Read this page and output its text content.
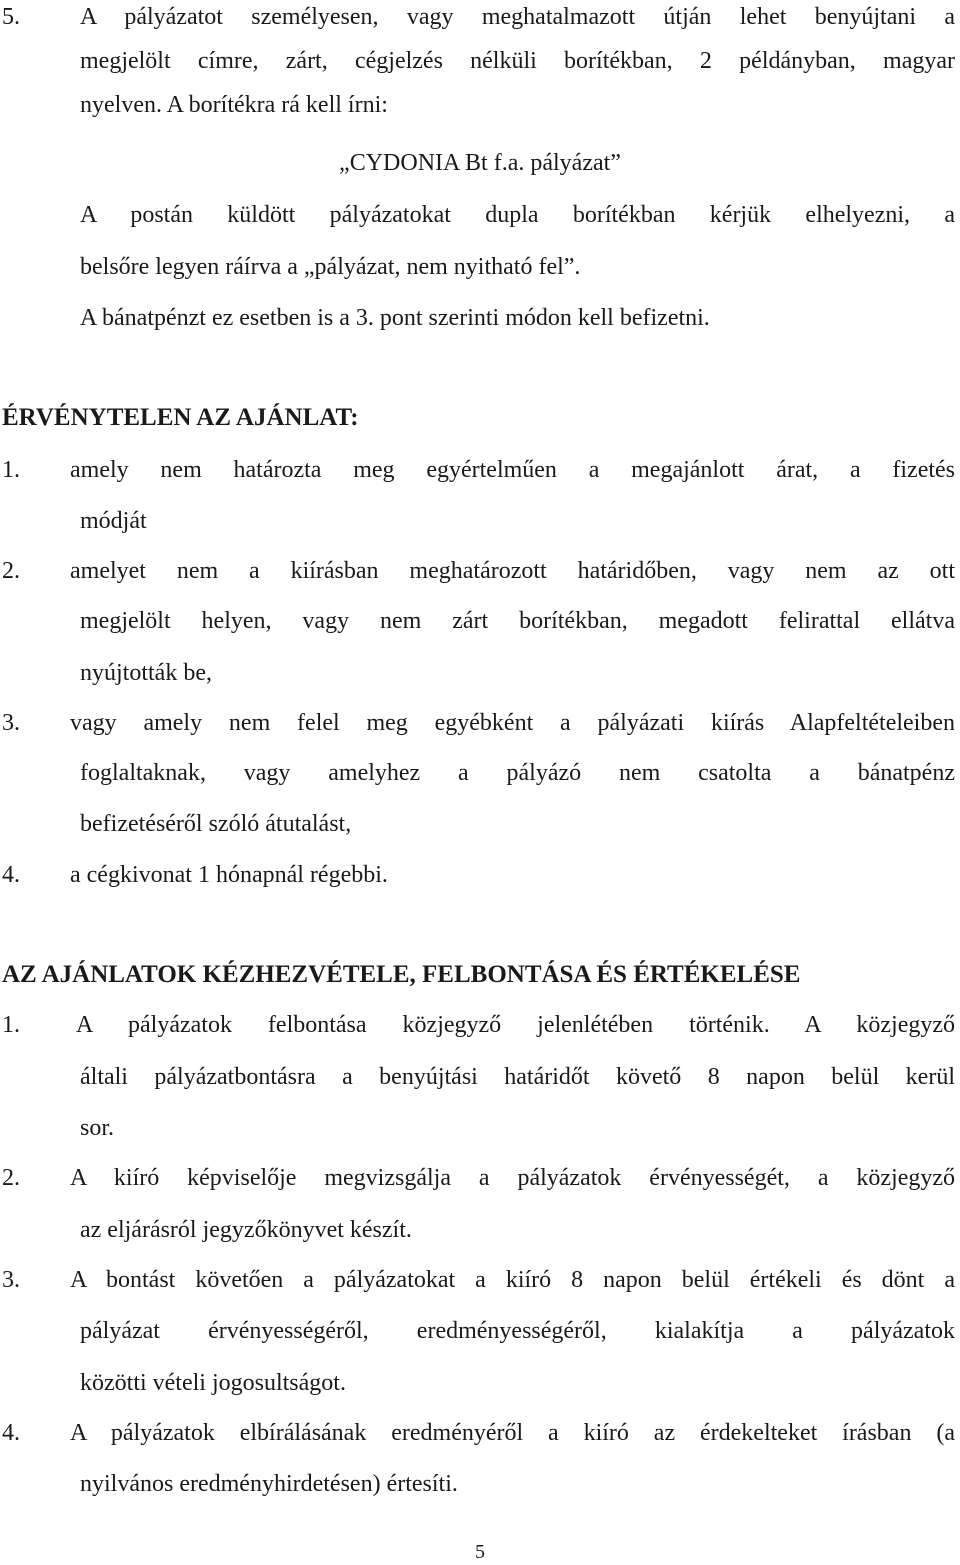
5.	A pályázatot személyesen, vagy meghatalmazott útján lehet benyújtani a
megjelölt címre, zárt, cégjelzés nélküli borítékban, 2 példányban, magyar
nyelven. A borítékra rá kell írni:
„CYDONIA Bt f.a. pályázat”
A postán küldött pályázatokat dupla borítékban kérjük elhelyezni, a
belsőre legyen ráírva a „pályázat, nem nyitható fel”.
A bánatpénzt ez esetben is a 3. pont szerinti módon kell befizetni.
ÉRVÉNYTELEN AZ AJÁNLAT:
1. amely nem határozta meg egyértelműen a megajánlott árat, a fizetés
módját
2. amelyet nem a kiírásban meghatározott határidőben, vagy nem az ott
megjelölt helyen, vagy nem zárt borítékban, megadott felirattal ellátva
nyújtották be,
3. vagy amely nem felel meg egyébként a pályázati kiírás Alapfeltételeiben
foglaltaknak, vagy amelyhez a pályázó nem csatolta a bánatpénz
befizetéséről szóló átutalást,
4. a cégkivonat 1 hónapnál régebbi.
AZ AJÁNLATOK KÉZHEZVÉTELE, FELBONTÁSA ÉS ÉRTÉKELÉSE
1. A pályázatok felbontása közjegyző jelenlétében történik. A közjegyző
általi pályázatbontásra a benyújtási határidőt követő 8 napon belül kerül
sor.
2. A kiíró képviselője megvizsgálja a pályázatok érvényességét, a közjegyző
az eljárásról jegyzőkönyvet készít.
3. A bontást követően a pályázatokat a kiíró 8 napon belül értékeli és dönt a
pályázat érvényességéről, eredményességéről, kialakítja a pályázatok
közötti vételi jogosultságot.
4. A pályázatok elbírálásának eredményéről a kiíró az érdekelteket írásban (a
nyilvános eredményhirdetésen) értesíti.
5
